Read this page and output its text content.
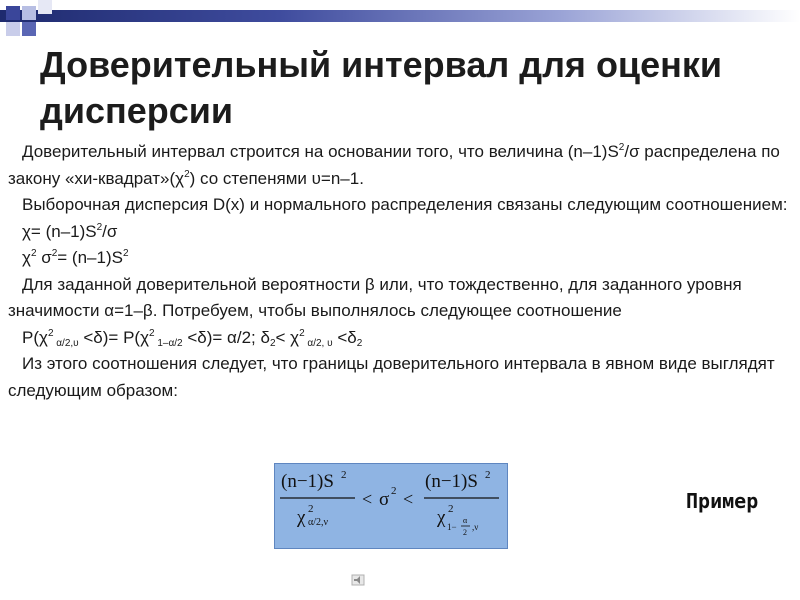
Доверительный интервал для оценки дисперсии
Доверительный интервал строится на основании того, что величина $(n-1)S^2/\sigma$ распределена по закону «$хи-квадрат»(\chi^2)$ со степенями υ=n–1.
Выборочная дисперсия D(x) и нормального распределения связаны следующим соотношением:
$\chi= (n-1)S^2/\sigma$
$\chi^2$ $\sigma^2= (n-1)S^2$
Для заданной доверительной вероятности β или, что тождественно, для заданного уровня значимости α=1–β. Потребуем, чтобы выполнялось следующее соотношение
$P(\chi^2$ $_{\alpha/2,\upsilon} <\delta)= P(\chi^2$ $_{1-\alpha/2}$ <δ)= α/2; $\delta_2< \chi^2$ $_{\alpha/2, \upsilon} <\delta_2$
Из этого соотношения следует, что границы доверительного интервала в явном виде выглядят следующим образом:
(n−1)S 2
χ 2
α/2,ν
< σ 2 <
(n−1)S 2
χ 2
1−
α
2
,ν
Пример
